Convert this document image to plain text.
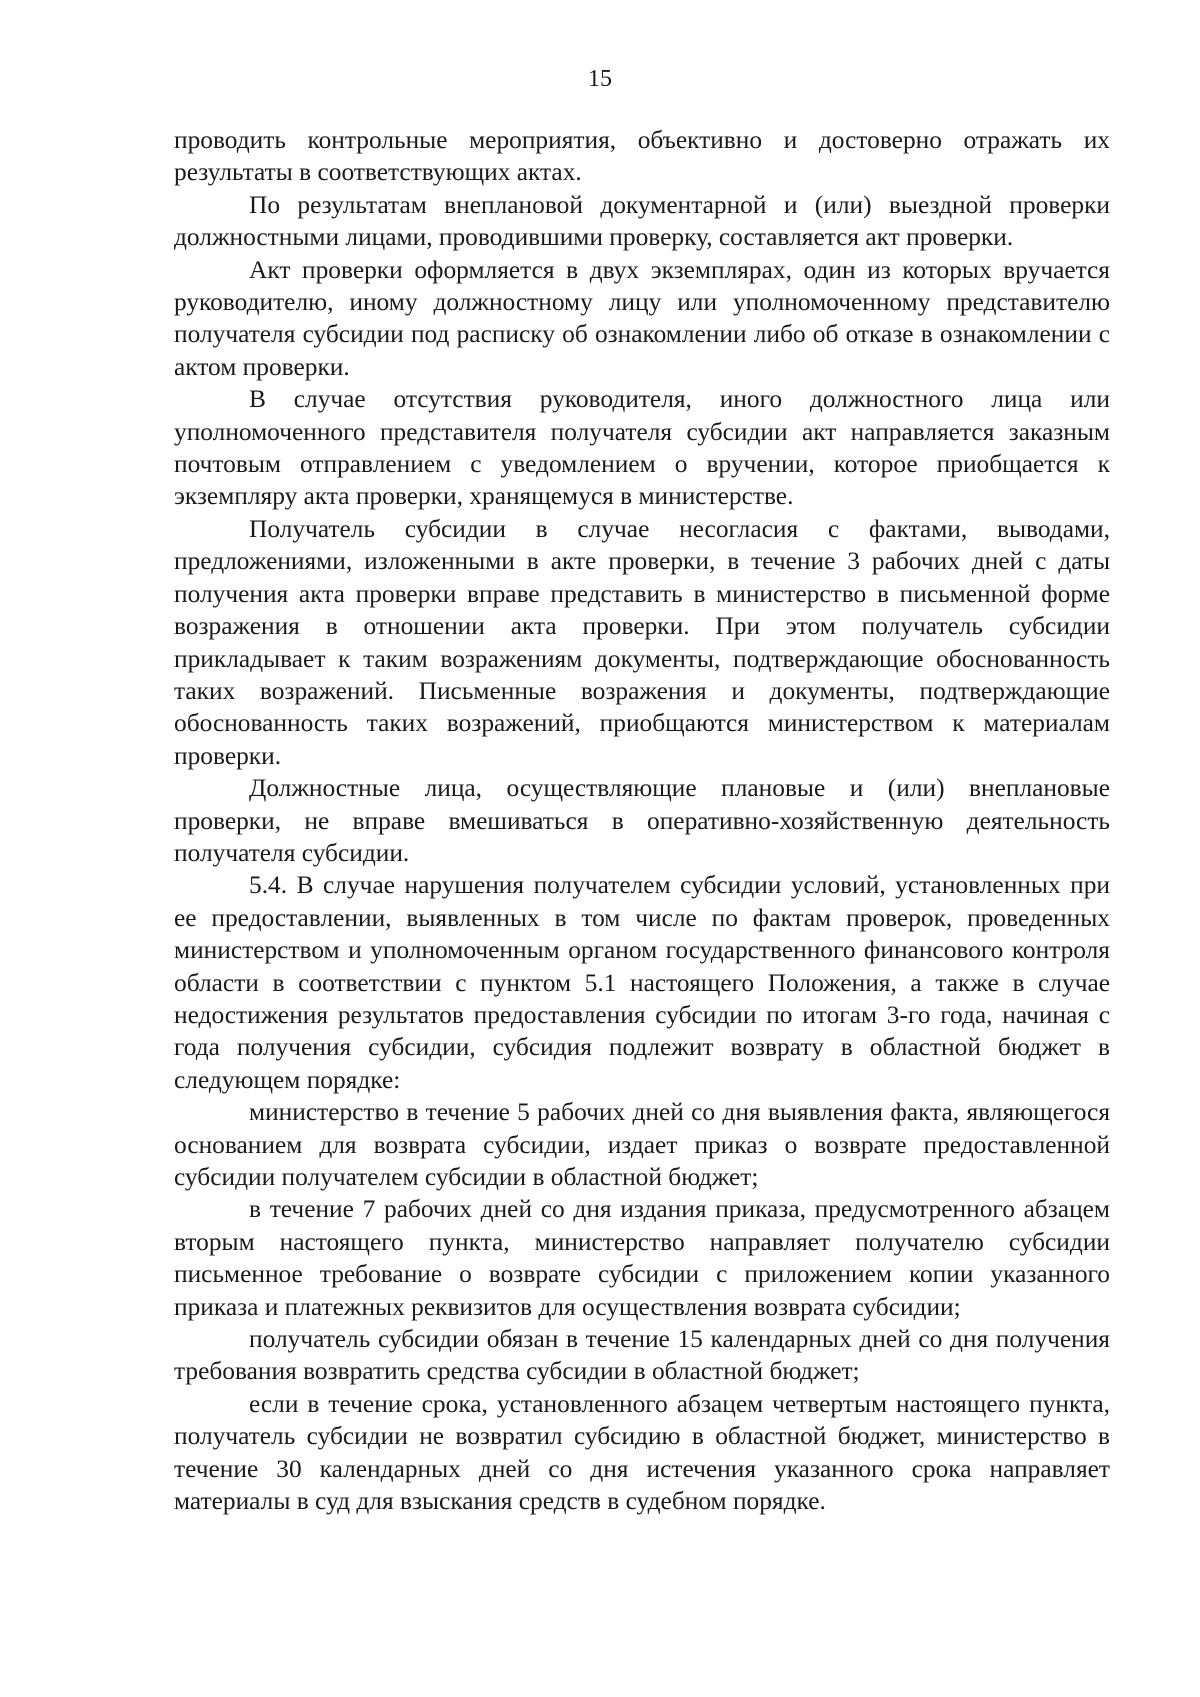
15

проводить контрольные мероприятия, объективно и достоверно отражать их результаты в соответствующих актах.

По результатам внеплановой документарной и (или) выездной проверки должностными лицами, проводившими проверку, составляется акт проверки.

Акт проверки оформляется в двух экземплярах, один из которых вручается руководителю, иному должностному лицу или уполномоченному представителю получателя субсидии под расписку об ознакомлении либо об отказе в ознакомлении с актом проверки.

В случае отсутствия руководителя, иного должностного лица или уполномоченного представителя получателя субсидии акт направляется заказным почтовым отправлением с уведомлением о вручении, которое приобщается к экземпляру акта проверки, хранящемуся в министерстве.

Получатель субсидии в случае несогласия с фактами, выводами, предложениями, изложенными в акте проверки, в течение 3 рабочих дней с даты получения акта проверки вправе представить в министерство в письменной форме возражения в отношении акта проверки. При этом получатель субсидии прикладывает к таким возражениям документы, подтверждающие обоснованность таких возражений. Письменные возражения и документы, подтверждающие обоснованность таких возражений, приобщаются министерством к материалам проверки.

Должностные лица, осуществляющие плановые и (или) внеплановые проверки, не вправе вмешиваться в оперативно-хозяйственную деятельность получателя субсидии.

5.4. В случае нарушения получателем субсидии условий, установленных при ее предоставлении, выявленных в том числе по фактам проверок, проведенных министерством и уполномоченным органом государственного финансового контроля области в соответствии с пунктом 5.1 настоящего Положения, а также в случае недостижения результатов предоставления субсидии по итогам 3-го года, начиная с года получения субсидии, субсидия подлежит возврату в областной бюджет в следующем порядке:

министерство в течение 5 рабочих дней со дня выявления факта, являющегося основанием для возврата субсидии, издает приказ о возврате предоставленной субсидии получателем субсидии в областной бюджет;

в течение 7 рабочих дней со дня издания приказа, предусмотренного абзацем вторым настоящего пункта, министерство направляет получателю субсидии письменное требование о возврате субсидии с приложением копии указанного приказа и платежных реквизитов для осуществления возврата субсидии;

получатель субсидии обязан в течение 15 календарных дней со дня получения требования возвратить средства субсидии в областной бюджет;

если в течение срока, установленного абзацем четвертым настоящего пункта, получатель субсидии не возвратил субсидию в областной бюджет, министерство в течение 30 календарных дней со дня истечения указанного срока направляет материалы в суд для взыскания средств в судебном порядке.
